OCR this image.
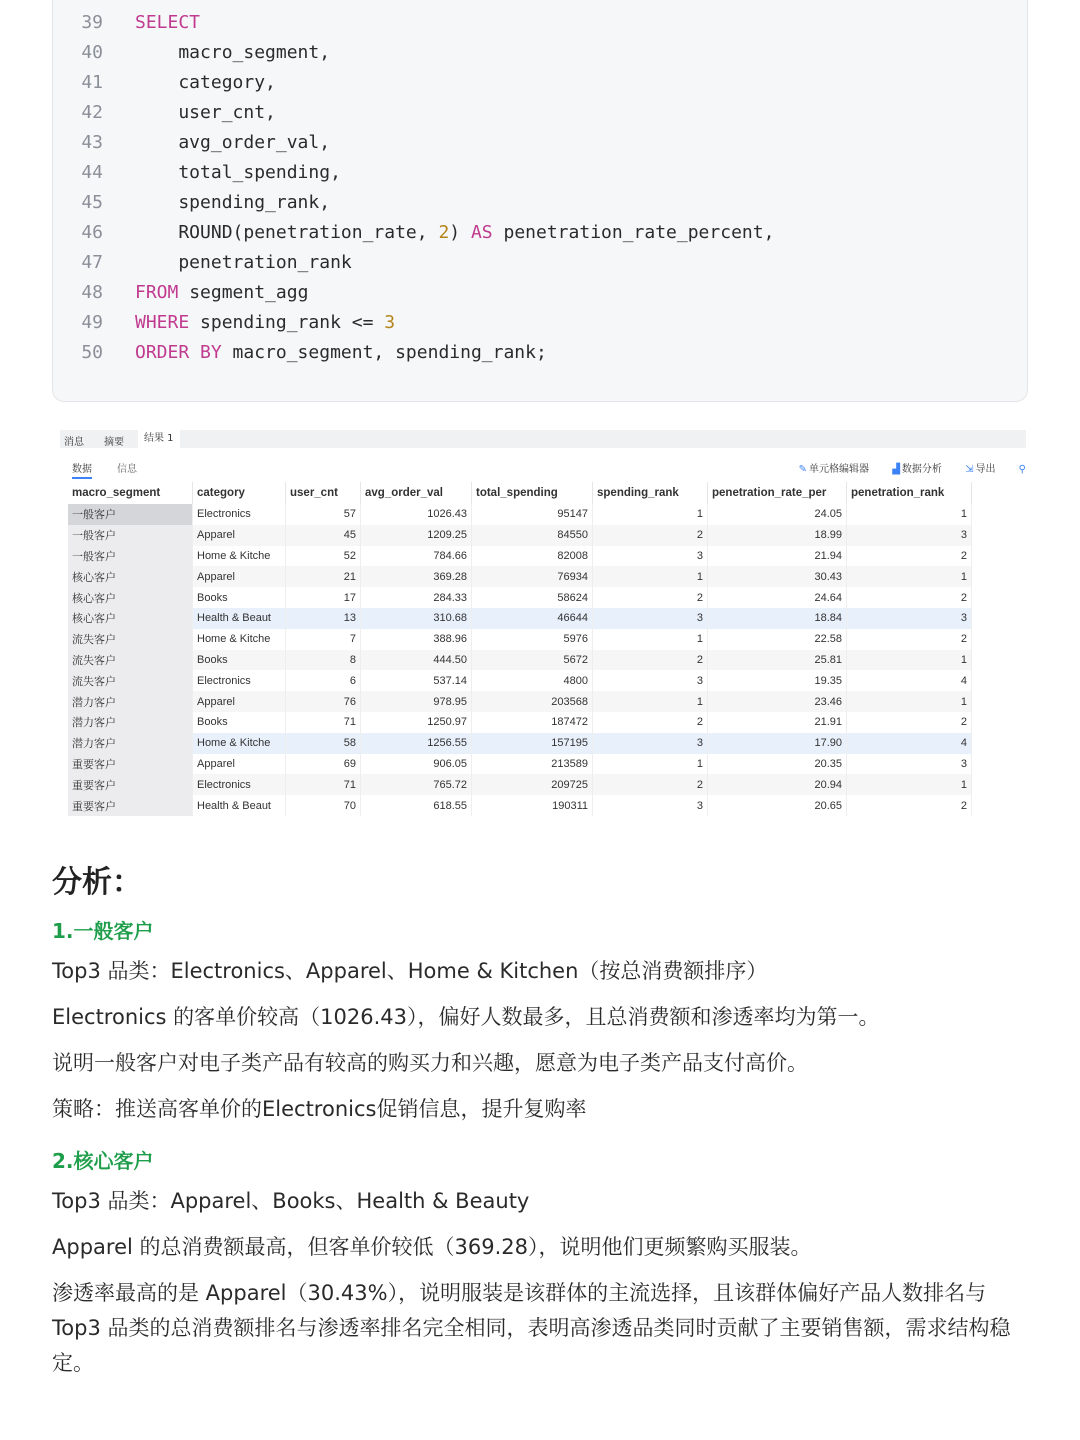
39 SELECT
40    macro_segment,
41    category,
42    user_cnt,
43    avg_order_val,
44    total_spending,
45    spending_rank,
46    ROUND(penetration_rate, 2) AS penetration_rate_percent,
47    penetration_rank
48 FROM segment_agg
49 WHERE spending_rank <= 3
50 ORDER BY macro_segment, spending_rank;
消息 摘要	结果 1
数据	信息	✎ 单元格编辑器 ▟ 数据分析 ⇲ 导出 ⚲
macro_segment	category	user_cnt	avg_order_val	total_spending	spending_rank	penetration_rate_per	penetration_rank
一般客户	Electronics	57	1026.43	95147	1	24.05	1
一般客户	Apparel	45	1209.25	84550	2	18.99	3
一般客户	Home & Kitche	52	784.66	82008	3	21.94	2
核心客户	Apparel	21	369.28	76934	1	30.43	1
核心客户	Books	17	284.33	58624	2	24.64	2
核心客户	Health & Beaut	13	310.68	46644	3	18.84	3
流失客户	Home & Kitche	7	388.96	5976	1	22.58	2
流失客户	Books	8	444.50	5672	2	25.81	1
流失客户	Electronics	6	537.14	4800	3	19.35	4
潜力客户	Apparel	76	978.95	203568	1	23.46	1
潜力客户	Books	71	1250.97	187472	2	21.91	2
潜力客户	Home & Kitche	58	1256.55	157195	3	17.90	4
重要客户	Apparel	69	906.05	213589	1	20.35	3
重要客户	Electronics	71	765.72	209725	2	20.94	1
重要客户	Health & Beaut	70	618.55	190311	3	20.65	2
分析：
1.一般客户

Top3 品类：Electronics、Apparel、Home & Kitchen（按总消费额排序）

Electronics 的客单价较高（1026.43），偏好人数最多，且总消费额和渗透率均为第一。

说明一般客户对电子类产品有较高的购买力和兴趣，愿意为电子类产品支付高价。

策略：推送高客单价的Electronics促销信息，提升复购率

2.核心客户

Top3 品类：Apparel、Books、Health & Beauty

Apparel 的总消费额最高，但客单价较低（369.28），说明他们更频繁购买服装。

渗透率最高的是 Apparel（30.43%），说明服装是该群体的主流选择，且该群体偏好产品人数排名与Top3 品类的总消费额排名与渗透率排名完全相同，表明高渗透品类同时贡献了主要销售额，需求结构稳定。
